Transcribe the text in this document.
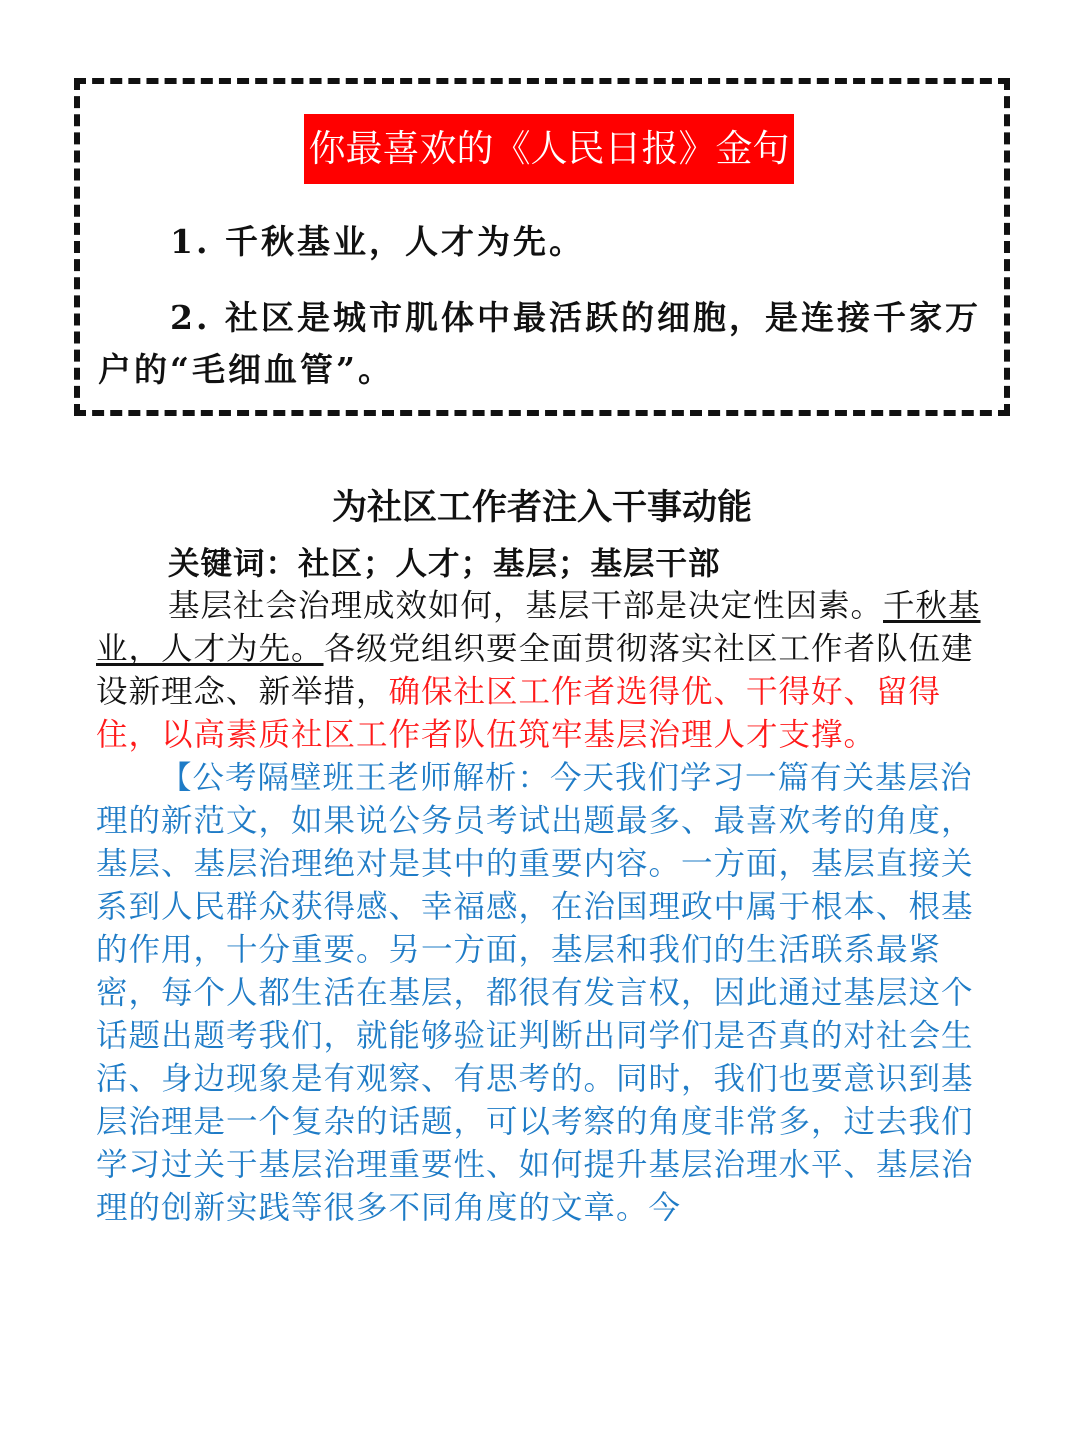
你最喜欢的《人民日报》金句
1. 千秋基业，人才为先。
2. 社区是城市肌体中最活跃的细胞，是连接千家万户的“毛细血管”。
为社区工作者注入干事动能

关键词：社区；人才；基层；基层干部

基层社会治理成效如何，基层干部是决定性因素。千秋基业，人才为先。各级党组织要全面贯彻落实社区工作者队伍建设新理念、新举措，确保社区工作者选得优、干得好、留得住，以高素质社区工作者队伍筑牢基层治理人才支撑。

【公考隔壁班王老师解析：今天我们学习一篇有关基层治理的新范文，如果说公务员考试出题最多、最喜欢考的角度，基层、基层治理绝对是其中的重要内容。一方面，基层直接关系到人民群众获得感、幸福感，在治国理政中属于根本、根基的作用，十分重要。另一方面，基层和我们的生活联系最紧密，每个人都生活在基层，都很有发言权，因此通过基层这个话题出题考我们，就能够验证判断出同学们是否真的对社会生活、身边现象是有观察、有思考的。同时，我们也要意识到基层治理是一个复杂的话题，可以考察的角度非常多，过去我们学习过关于基层治理重要性、如何提升基层治理水平、基层治理的创新实践等很多不同角度的文章。今
